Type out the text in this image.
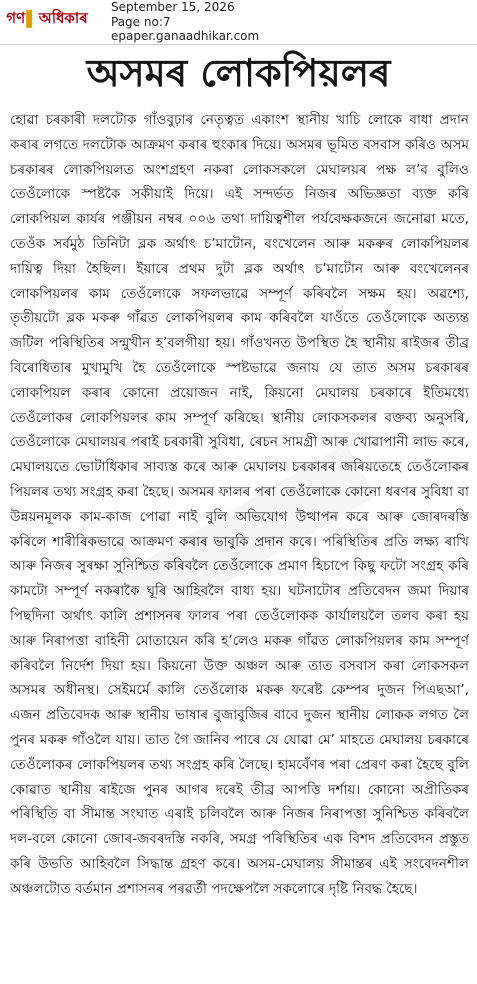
গণ ▌ অধিকাৰ
September 15, 2026
Page no:7
epaper.ganaadhikar.com
অসমৰ লোকপিয়লৰ
হোৱা চৰকাৰী দলটোক গাঁওবুঢ়াৰ নেতৃত্বত একাংশ স্থানীয় খাচি লোকে বাধা প্ৰদান কৰাৰ লগতে দলটোক আক্ৰমণ কৰাৰ হুংকাৰ দিয়ে। অসমৰ ভূমিত বসবাস কৰিও অসম চৰকাৰৰ লোকপিয়লত অংশগ্ৰহণ নকৰা লোকসকলে মেঘালয়ৰ পক্ষ ল’ব বুলিও তেওঁলোকে স্পষ্টকৈ সকীয়াই দিয়ে। এই সন্দৰ্ভত নিজৰ অভিজ্ঞতা ব্যক্ত কৰি লোকপিয়ল কাৰ্যৰ পঞ্জীয়ন নম্বৰ ০০৬ তথা দায়িত্বশীল পৰ্যবেক্ষকজনে জনোৱা মতে, তেওঁক সৰ্বমুঠ তিনিটা ব্লক অৰ্থাৎ চ’মাটোন, বংখেলেন আৰু মকৰুৰ লোকপিয়লৰ দায়িত্ব দিয়া হৈছিল। ইয়াৰে প্ৰথম দুটা ব্লক অৰ্থাৎ চ’মাটোন আৰু বংখেলেনৰ লোকপিয়লৰ কাম তেওঁলোকে সফলভাৱে সম্পূৰ্ণ কৰিবলৈ সক্ষম হয়। অৱশ্যে, তৃতীয়টো ব্লক মকৰু গাঁৱত লোকপিয়লৰ কাম কৰিবলৈ যাওঁতে তেওঁলোকে অত্যন্ত জটিল পৰিস্থিতিৰ সন্মুখীন হ’বলগীয়া হয়। গাঁওখনত উপস্থিত হৈ স্থানীয় ৰাইজৰ তীব্ৰ বিৰোধিতাৰ মুখামুখি হৈ তেওঁলোকে স্পষ্টভাৱে জনায় যে তাত অসম চৰকাৰৰ লোকপিয়ল কৰাৰ কোনো প্ৰয়োজন নাই, কিয়নো মেঘালয় চৰকাৰে ইতিমধ্যে তেওঁলোকৰ লোকপিয়লৰ কাম সম্পূৰ্ণ কৰিছে। স্থানীয় লোকসকলৰ বক্তব্য অনুসৰি, তেওঁলোকে মেঘালয়ৰ পৰাই চৰকাৰী সুবিধা, ৰেচন সামগ্ৰী আৰু খোৱাপানী লাভ কৰে, মেঘালয়তে ভোটাধিকাৰ সাব্যস্ত কৰে আৰু মেঘালয় চৰকাৰৰ জৰিয়তেহে তেওঁলোকৰ পিয়লৰ তথ্য সংগ্ৰহ কৰা হৈছে। অসমৰ ফালৰ পৰা তেওঁলোকে কোনো ধৰণৰ সুবিধা বা উন্নয়নমূলক কাম-কাজ পোৱা নাই বুলি অভিযোগ উত্থাপন কৰে আৰু জোৰদৰস্তি কৰিলে শাৰীৰিকভাৱে আক্ৰমণ কৰাৰ ভাবুকি প্ৰদান কৰে। পৰিস্থিতিৰ প্ৰতি লক্ষ্য ৰাখি আৰু নিজৰ সুৰক্ষা সুনিশ্চিত কৰিবলৈ তেওঁলোকে প্ৰমাণ হিচাপে কিছু ফটো সংগ্ৰহ কৰি কামটো সম্পূৰ্ণ নকৰাকৈ ঘূৰি আহিবলৈ বাধ্য হয়। ঘটনাটোৰ প্ৰতিবেদন জমা দিয়াৰ পিছদিনা অৰ্থাৎ কালি প্ৰশাসনৰ ফালৰ পৰা তেওঁলোকক কাৰ্যালয়লৈ তলব কৰা হয় আৰু নিৰাপত্তা বাহিনী মোতায়েন কৰি হ’লেও মকৰু গাঁৱত লোকপিয়লৰ কাম সম্পূৰ্ণ কৰিবলৈ নিৰ্দেশ দিয়া হয়। কিয়নো উক্ত অঞ্চল আৰু তাত বসবাস কৰা লোকসকল অসমৰ অধীনস্থ। সেইমৰ্মে কালি তেওঁলোক মকৰু ফৰেষ্ট কেম্পৰ দুজন পিএছআ’, এজন প্ৰতিবেদক আৰু স্থানীয় ভাষাৰ বুজাবুজিৰ বাবে দুজন স্থানীয় লোকক লগত লৈ পুনৰ মকৰু গাঁওলৈ যায়। তাত গৈ জানিব পাৰে যে যোৱা মে’ মাহতে মেঘালয় চৰকাৰে তেওঁলোকৰ লোকপিয়লৰ তথ্য সংগ্ৰহ কৰি লৈছে। হামবেঁণৰ পৰা প্ৰেৰণ কৰা হৈছে বুলি কোৱাত স্থানীয় ৰাইজে পুনৰ আগৰ দৰেই তীব্ৰ আপত্তি দৰ্শায়। কোনো অপ্ৰীতিকৰ পৰিস্থিতি বা সীমান্ত সংঘাত এৰাই চলিবলৈ আৰু নিজৰ নিৰাপত্তা সুনিশ্চিত কৰিবলৈ দল-বলে কোনো জোৰ-জবৰদস্তি নকৰি, সমগ্ৰ পৰিস্থিতিৰ এক বিশদ প্ৰতিবেদন প্ৰস্তুত কৰি উভতি আহিবলৈ সিদ্ধান্ত গ্ৰহণ কৰে। অসম-মেঘালয় সীমান্তৰ এই সংবেদনশীল অঞ্চলটোত বৰ্তমান প্ৰশাসনৰ পৰৱৰ্তী পদক্ষেপলৈ সকলোৰে দৃষ্টি নিবদ্ধ হৈছে।
